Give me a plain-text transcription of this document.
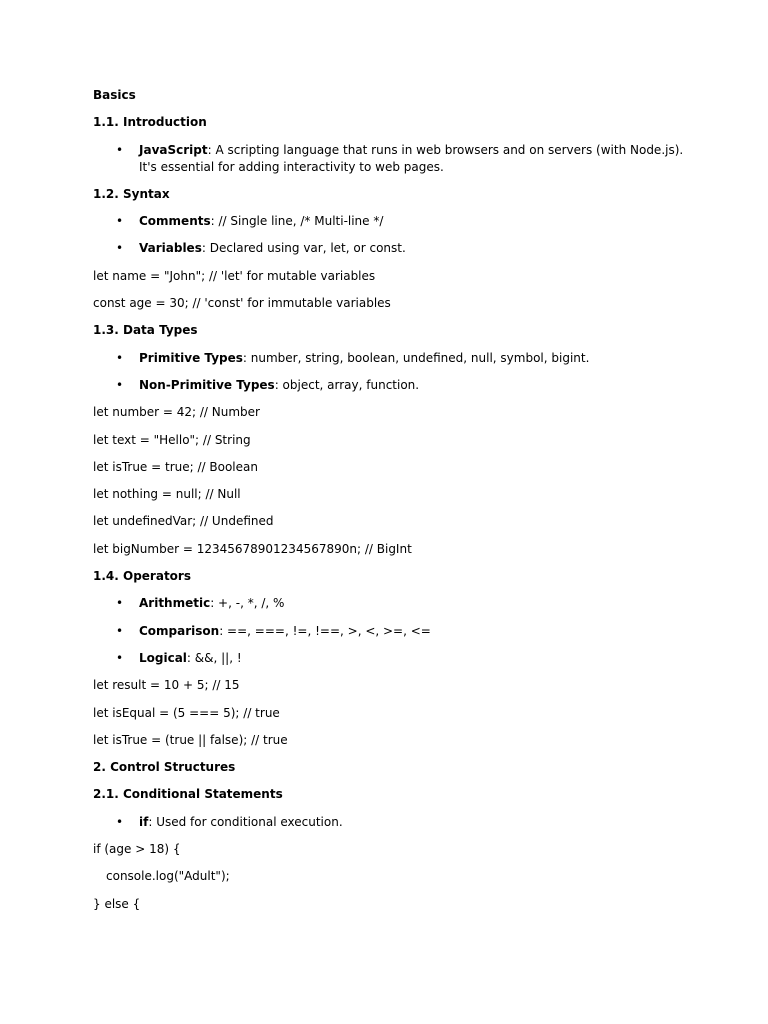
Basics
1.1. Introduction
• JavaScript: A scripting language that runs in web browsers and on servers (with Node.js). It's essential for adding interactivity to web pages.
1.2. Syntax
• Comments: // Single line, /* Multi-line */
• Variables: Declared using var, let, or const.
let name = "John"; // 'let' for mutable variables
const age = 30; // 'const' for immutable variables
1.3. Data Types
• Primitive Types: number, string, boolean, undefined, null, symbol, bigint.
• Non-Primitive Types: object, array, function.
let number = 42; // Number
let text = "Hello"; // String
let isTrue = true; // Boolean
let nothing = null; // Null
let undefinedVar; // Undefined
let bigNumber = 12345678901234567890n; // BigInt
1.4. Operators
• Arithmetic: +, -, *, /, %
• Comparison: ==, ===, !=, !==, >, <, >=, <=
• Logical: &&, ||, !
let result = 10 + 5; // 15
let isEqual = (5 === 5); // true
let isTrue = (true || false); // true
2. Control Structures
2.1. Conditional Statements
• if: Used for conditional execution.
if (age > 18) {
console.log("Adult");
} else {
